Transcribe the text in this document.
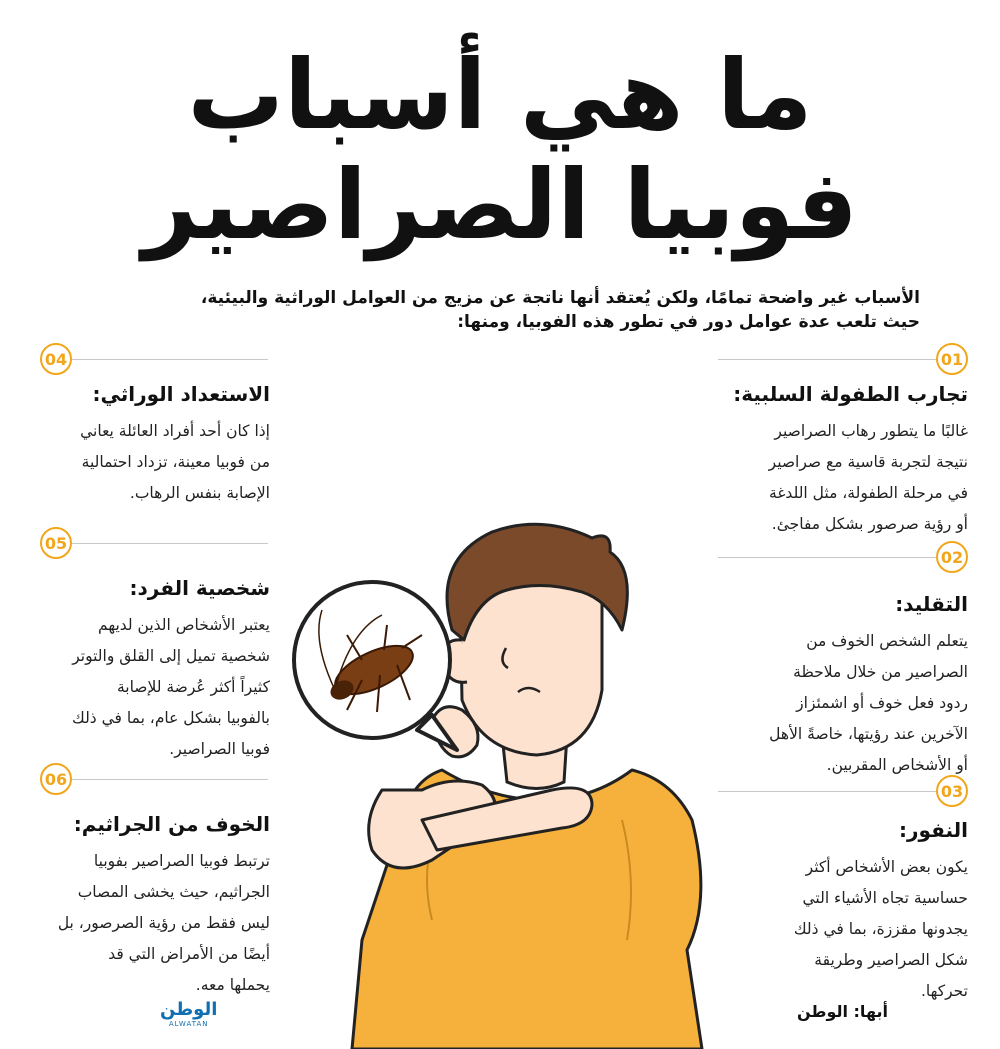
ما هي أسباب
فوبيا الصراصير
الأسباب غير واضحة تمامًا، ولكن يُعتقد أنها ناتجة عن مزيج من العوامل الوراثية والبيئية،
حيث تلعب عدة عوامل دور في تطور هذه الفوبيا، ومنها:
01
04
02
05
03
06
تجارب الطفولة السلبية:

غالبًا ما يتطور رهاب الصراصير

نتيجة لتجربة قاسية مع صراصير

في مرحلة الطفولة، مثل اللدغة

أو رؤية صرصور بشكل مفاجئ.

التقليد:

يتعلم الشخص الخوف من

الصراصير من خلال ملاحظة

ردود فعل خوف أو اشمئزاز

الآخرين عند رؤيتها، خاصةً الأهل

أو الأشخاص المقربين.

النفور:

يكون بعض الأشخاص أكثر

حساسية تجاه الأشياء التي

يجدونها مقززة، بما في ذلك

شكل الصراصير وطريقة

تحركها.

الاستعداد الوراثي:

إذا كان أحد أفراد العائلة يعاني

من فوبيا معينة، تزداد احتمالية

الإصابة بنفس الرهاب.

شخصية الفرد:

يعتبر الأشخاص الذين لديهم

شخصية تميل إلى القلق والتوتر

كثيراً أكثر عُرضة للإصابة

بالفوبيا بشكل عام، بما في ذلك

فوبيا الصراصير.

الخوف من الجراثيم:

ترتبط فوبيا الصراصير بفوبيا

الجراثيم، حيث يخشى المصاب

ليس فقط من رؤية الصرصور، بل

أيضًا من الأمراض التي قد

يحملها معه.

أبها: الوطن
الوطن
ALWATAN
